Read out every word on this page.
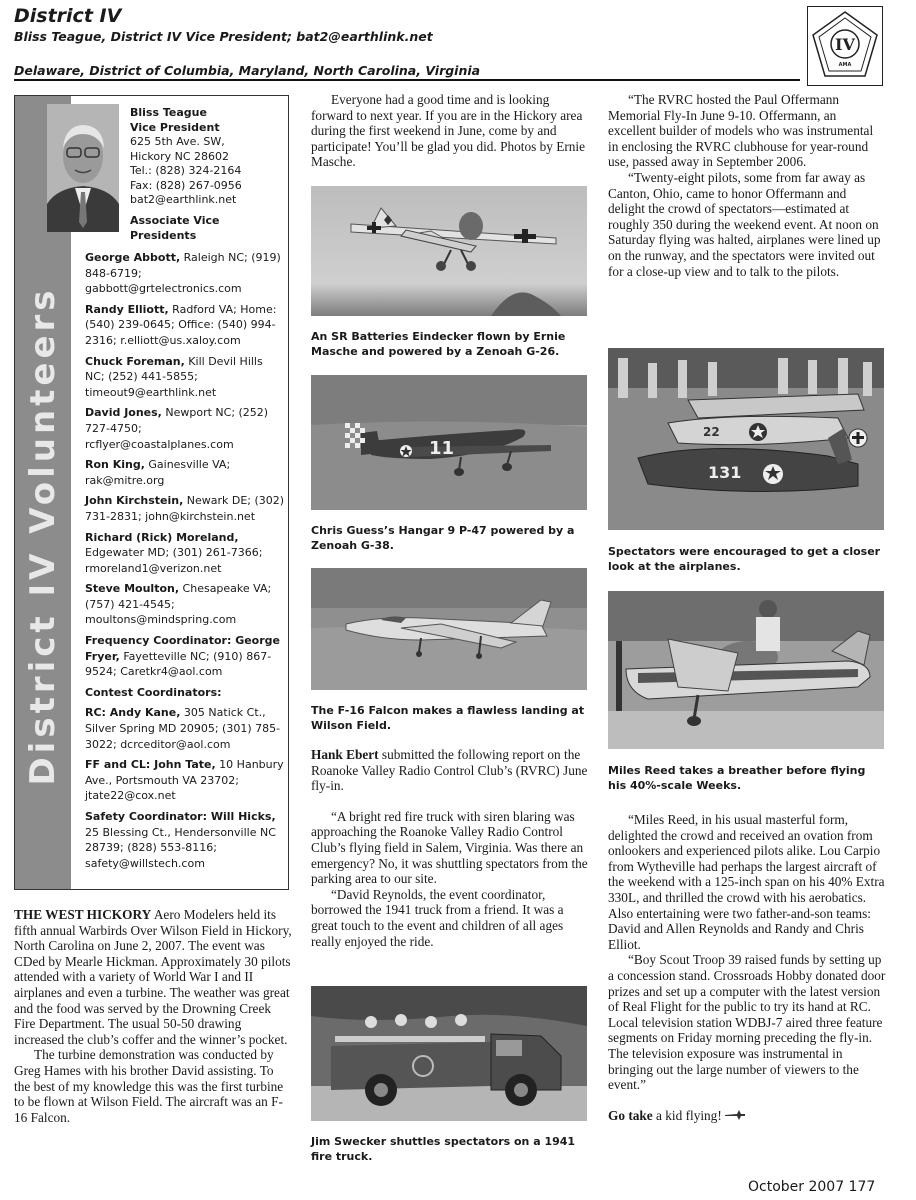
District IV
Bliss Teague, District IV Vice President; bat2@earthlink.net
Delaware, District of Columbia, Maryland, North Carolina, Virginia
IV
AMA
District IV Volunteers
Bliss Teague
Vice President
625 5th Ave. SW,
Hickory NC 28602
Tel.: (828) 324-2164
Fax: (828) 267-0956
bat2@earthlink.net
Associate Vice Presidents
George Abbott, Raleigh NC; (919) 848-6719; gabbott@grtelectronics.com
Randy Elliott, Radford VA; Home: (540) 239-0645; Office: (540) 994-2316; r.elliott@us.xaloy.com
Chuck Foreman, Kill Devil Hills NC; (252) 441-5855; timeout9@earthlink.net
David Jones, Newport NC; (252) 727-4750; rcflyer@coastalplanes.com
Ron King, Gainesville VA; rak@mitre.org
John Kirchstein, Newark DE; (302) 731-2831; john@kirchstein.net
Richard (Rick) Moreland, Edgewater MD; (301) 261-7366; rmoreland1@verizon.net
Steve Moulton, Chesapeake VA; (757) 421-4545; moultons@mindspring.com
Frequency Coordinator: George Fryer, Fayetteville NC; (910) 867-9524; Caretkr4@aol.com
Contest Coordinators:
RC: Andy Kane, 305 Natick Ct., Silver Spring MD 20905; (301) 785-3022; dcrceditor@aol.com
FF and CL: John Tate, 10 Hanbury Ave., Portsmouth VA 23702; jtate22@cox.net
Safety Coordinator: Will Hicks, 25 Blessing Ct., Hendersonville NC 28739; (828) 553-8116; safety@willstech.com

THE WEST HICKORY Aero Modelers held its fifth annual Warbirds Over Wilson Field in Hickory, North Carolina on June 2, 2007. The event was CDed by Mearle Hickman. Approximately 30 pilots attended with a variety of World War I and II airplanes and even a turbine. The weather was great and the food was served by the Drowning Creek Fire Department. The usual 50-50 drawing increased the club’s coffer and the winner’s pocket.

The turbine demonstration was conducted by Greg Hames with his brother David assisting. To the best of my knowledge this was the first turbine to be flown at Wilson Field. The aircraft was an F-16 Falcon.

Everyone had a good time and is looking forward to next year. If you are in the Hickory area during the first weekend in June, come by and participate! You’ll be glad you did. Photos by Ernie Masche.

An SR Batteries Eindecker flown by Ernie Masche and powered by a Zenoah G-26.
11
Chris Guess’s Hangar 9 P-47 powered by a Zenoah G-38.
The F-16 Falcon makes a flawless landing at Wilson Field.

Hank Ebert submitted the following report on the Roanoke Valley Radio Control Club’s (RVRC) June fly-in.

“A bright red fire truck with siren blaring was approaching the Roanoke Valley Radio Control Club’s flying field in Salem, Virginia. Was there an emergency? No, it was shuttling spectators from the parking area to our site.

“David Reynolds, the event coordinator, borrowed the 1941 truck from a friend. It was a great touch to the event and children of all ages really enjoyed the ride.

Jim Swecker shuttles spectators on a 1941 fire truck.

“The RVRC hosted the Paul Offermann Memorial Fly-In June 9-10. Offermann, an excellent builder of models who was instrumental in enclosing the RVRC clubhouse for year-round use, passed away in September 2006.

“Twenty-eight pilots, some from far away as Canton, Ohio, came to honor Offermann and delight the crowd of spectators—estimated at roughly 350 during the weekend event. At noon on Saturday flying was halted, airplanes were lined up on the runway, and the spectators were invited out for a close-up view and to talk to the pilots.

22
131
Spectators were encouraged to get a closer look at the airplanes.
Miles Reed takes a breather before flying his 40%-scale Weeks.

“Miles Reed, in his usual masterful form, delighted the crowd and received an ovation from onlookers and experienced pilots alike. Lou Carpio from Wytheville had perhaps the largest aircraft of the weekend with a 125-inch span on his 40% Extra 330L, and thrilled the crowd with his aerobatics. Also entertaining were two father-and-son teams: David and Allen Reynolds and Randy and Chris Elliot.

“Boy Scout Troop 39 raised funds by setting up a concession stand. Crossroads Hobby donated door prizes and set up a computer with the latest version of Real Flight for the public to try its hand at RC. Local television station WDBJ-7 aired three feature segments on Friday morning preceding the fly-in. The television exposure was instrumental in bringing out the large number of viewers to the event.”

Go take a kid flying!

October 2007 177
